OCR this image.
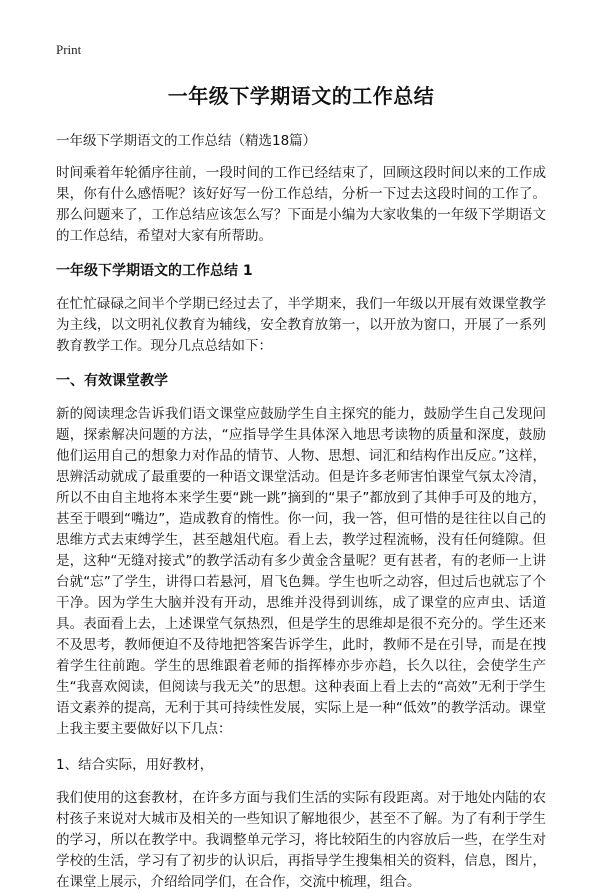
Print
一年级下学期语文的工作总结
一年级下学期语文的工作总结（精选18篇）

时间乘着年轮循序往前，一段时间的工作已经结束了，回顾这段时间以来的工作成果，你有什么感悟呢？该好好写一份工作总结，分析一下过去这段时间的工作了。那么问题来了，工作总结应该怎么写？下面是小编为大家收集的一年级下学期语文的工作总结，希望对大家有所帮助。

一年级下学期语文的工作总结 1

在忙忙碌碌之间半个学期已经过去了，半学期来，我们一年级以开展有效课堂教学为主线，以文明礼仪教育为辅线，安全教育放第一，以开放为窗口，开展了一系列教育教学工作。现分几点总结如下：

一、有效课堂教学

新的阅读理念告诉我们语文课堂应鼓励学生自主探究的能力，鼓励学生自己发现问题，探索解决问题的方法，“应指导学生具体深入地思考读物的质量和深度，鼓励他们运用自己的想象力对作品的情节、人物、思想、词汇和结构作出反应。”这样，思辨活动就成了最重要的一种语文课堂活动。但是许多老师害怕课堂气氛太冷清，所以不由自主地将本来学生要“跳一跳”摘到的“果子”都放到了其伸手可及的地方，甚至于喂到“嘴边”，造成教育的惰性。你一问，我一答，但可惜的是往往以自己的思维方式去束缚学生，甚至越俎代庖。看上去，教学过程流畅，没有任何缝隙。但是，这种“无缝对接式”的教学活动有多少黄金含量呢？更有甚者，有的老师一上讲台就“忘”了学生，讲得口若悬河，眉飞色舞。学生也听之动容，但过后也就忘了个干净。因为学生大脑并没有开动，思维并没得到训练，成了课堂的应声虫、话道具。表面看上去，上述课堂气氛热烈，但是学生的思维却是很不充分的。学生还来不及思考，教师便迫不及待地把答案告诉学生，此时，教师不是在引导，而是在拽着学生往前跑。学生的思维跟着老师的指挥棒亦步亦趋，长久以往，会使学生产生“我喜欢阅读，但阅读与我无关”的思想。这种表面上看上去的“高效”无利于学生语文素养的提高，无利于其可持续性发展，实际上是一种“低效”的教学活动。课堂上我主要主要做好以下几点：

1、结合实际，用好教材，

我们使用的这套教材，在许多方面与我们生活的实际有段距离。对于地处内陆的农村孩子来说对大城市及相关的一些知识了解地很少，甚至不了解。为了有利于学生的学习，所以在教学中。我调整单元学习，将比较陌生的内容放后一些，在学生对学校的生活，学习有了初步的认识后，再指导学生搜集相关的资料，信息，图片，在课堂上展示，介绍给同学们，在合作，交流中梳理，组合。
